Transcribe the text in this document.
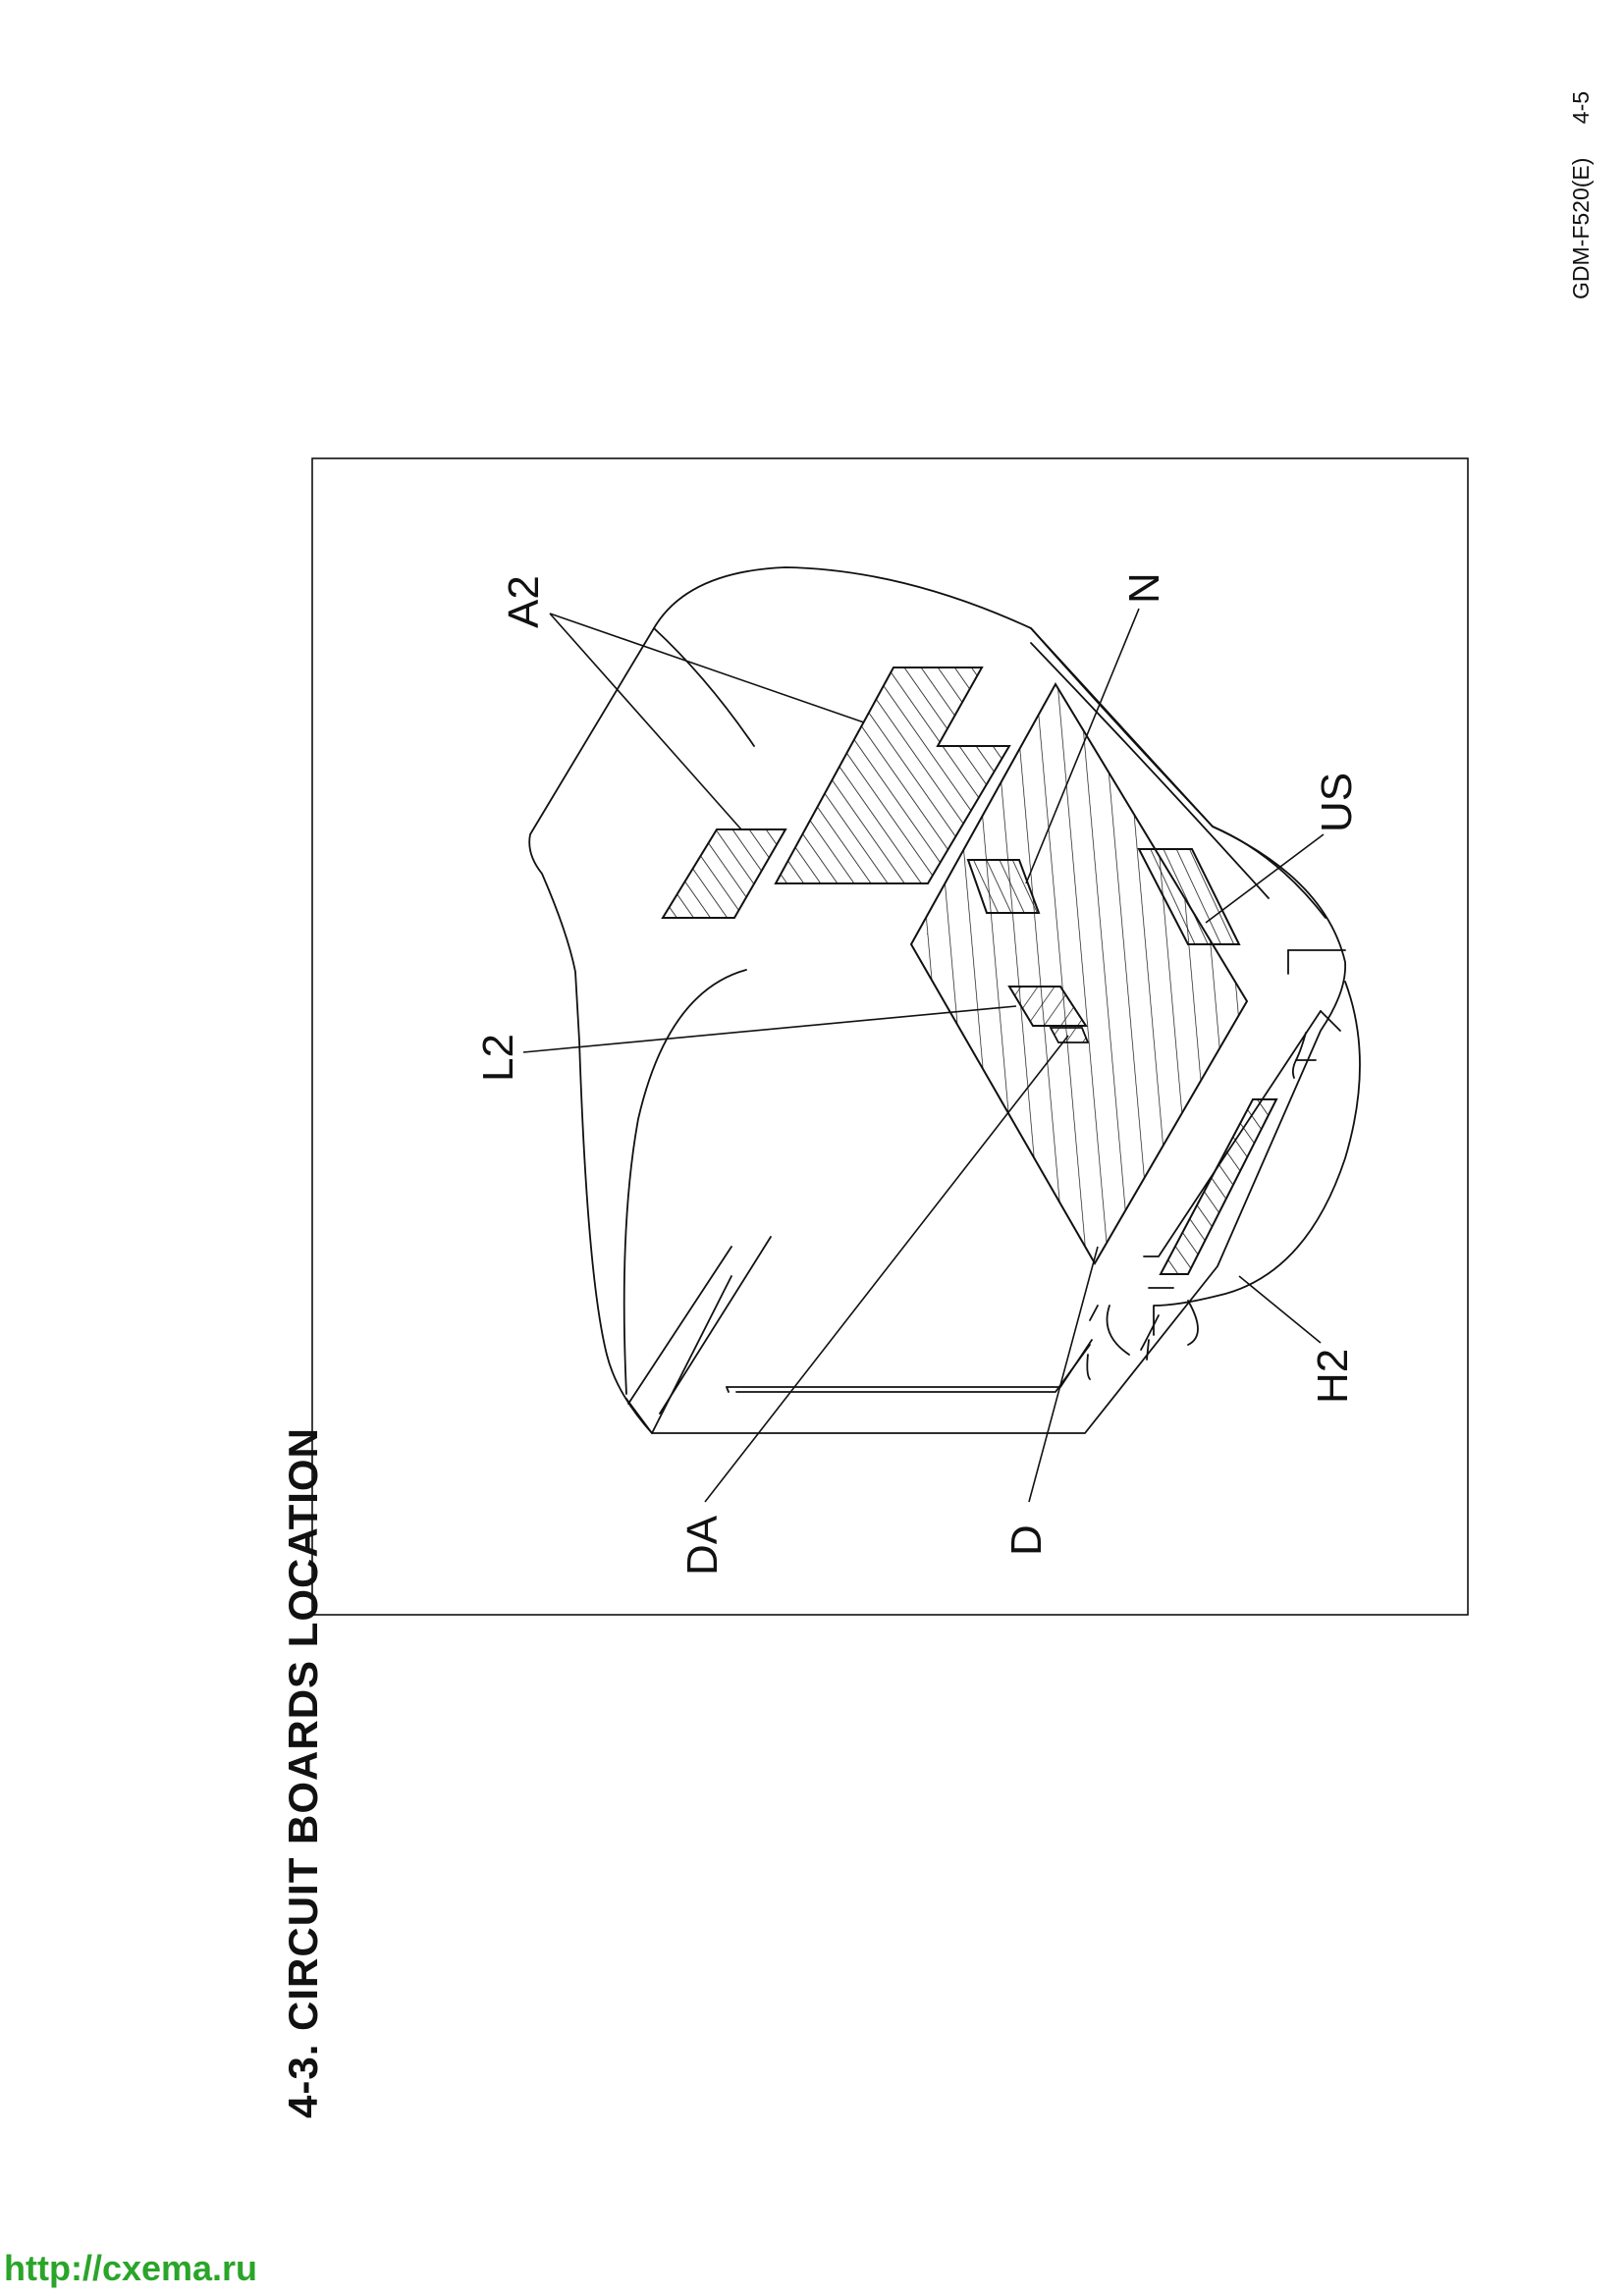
GDM-F520(E) 4-5
4-3. CIRCUIT BOARDS LOCATION
A2	N
US
L2
H2
DA	D
http://cxema.ru
